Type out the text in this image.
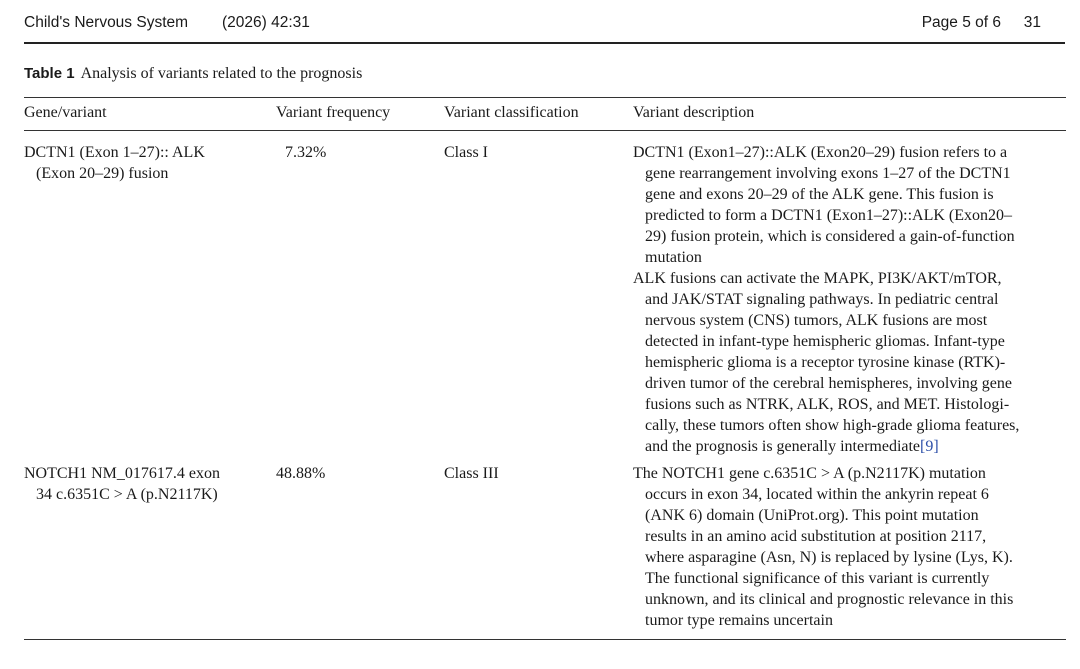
Child's Nervous System (2026) 42:31	Page 5 of 6 31
Table 1 Analysis of variants related to the prognosis
Gene/variant	Variant frequency	Variant classification	Variant description
DCTN1 (Exon 1–27):: ALK
(Exon 20–29) fusion
7.32%	Class I	DCTN1 (Exon1–27)::ALK (Exon20–29) fusion refers to a
gene rearrangement involving exons 1–27 of the DCTN1
gene and exons 20–29 of the ALK gene. This fusion is
predicted to form a DCTN1 (Exon1–27)::ALK (Exon20–
29) fusion protein, which is considered a gain-of-function
mutation
ALK fusions can activate the MAPK, PI3K/AKT/mTOR,
and JAK/STAT signaling pathways. In pediatric central
nervous system (CNS) tumors, ALK fusions are most
detected in infant-type hemispheric gliomas. Infant-type
hemispheric glioma is a receptor tyrosine kinase (RTK)-
driven tumor of the cerebral hemispheres, involving gene
fusions such as NTRK, ALK, ROS, and MET. Histologi-
cally, these tumors often show high-grade glioma features,
and the prognosis is generally intermediate[9]
NOTCH1 NM_017617.4 exon
34 c.6351C > A (p.N2117K)
48.88%	Class III	The NOTCH1 gene c.6351C > A (p.N2117K) mutation
occurs in exon 34, located within the ankyrin repeat 6
(ANK 6) domain (UniProt.org). This point mutation
results in an amino acid substitution at position 2117,
where asparagine (Asn, N) is replaced by lysine (Lys, K).
The functional significance of this variant is currently
unknown, and its clinical and prognostic relevance in this
tumor type remains uncertain
